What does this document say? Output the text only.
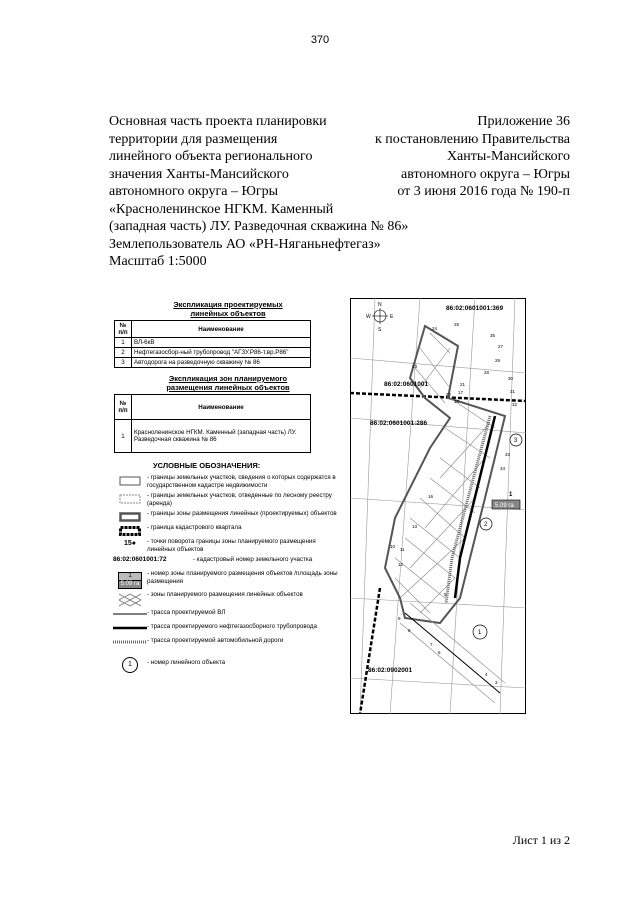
370
Основная часть проекта планировки
территории для размещения
линейного объекта регионального
значения Ханты-Мансийского
автономного округа – Югры
«Красноленинское НГКМ. Каменный
(западная часть) ЛУ. Разведочная скважина № 86»
Землепользователь АО «РН-Няганьнефтегаз»
Масштаб 1:5000
Приложение 36
к постановлению Правительства
Ханты-Мансийского
автономного округа – Югры
от 3 июня 2016 года № 190-п
Экспликация проектируемых
линейных объектов
№ п/п	Наименование
1	ВЛ-6кВ
2	Нефтегазосбор-ный трубопровод "АГЗУ.Р86-т.вр.Р86"
3	Автодорога на разведочную скважину № 86
Экспликация зон планируемого
размещения линейных объектов
№ п/п	Наименование
1	Красноленинское НГКМ. Каменный (западная часть) ЛУ. Разведочная скважина № 86
УСЛОВНЫЕ ОБОЗНАЧЕНИЯ:
- границы земельных участков, сведения о которых содержатся в государственном кадастре недвижимости
- границы земельных участков, отведенные по лесному реестру (аренда)
- границы зоны размещения линейных (проектируемых) объектов
- граница кадастрового квартала
15 ●	- точки поворота границы зоны планируемого размещения линейных объектов
86:02:0601001:72	- кадастровый номер земельного участка
1
5.09 га
- номер зоны планируемого размещения объектов /площадь зоны размещения
- зоны планируемого размещения линейных объектов
- трасса проектируемой ВЛ
- трасса проектируемого нефтегазосборного трубопровода
- трасса проектируемой автомобильной дороги
1	- номер линейного объекта
N
S
W	E
86:02:0601001:369
86:02:0601001
86:02:0601001:286
86:02:0902001
1
5.09 га
3
2
1
8
9
10
11
12
13
16
17
18
21
22
23
24
25
27
28
29
30
31
32
33
34
35
4
3
7
6
5
Лист 1 из 2
